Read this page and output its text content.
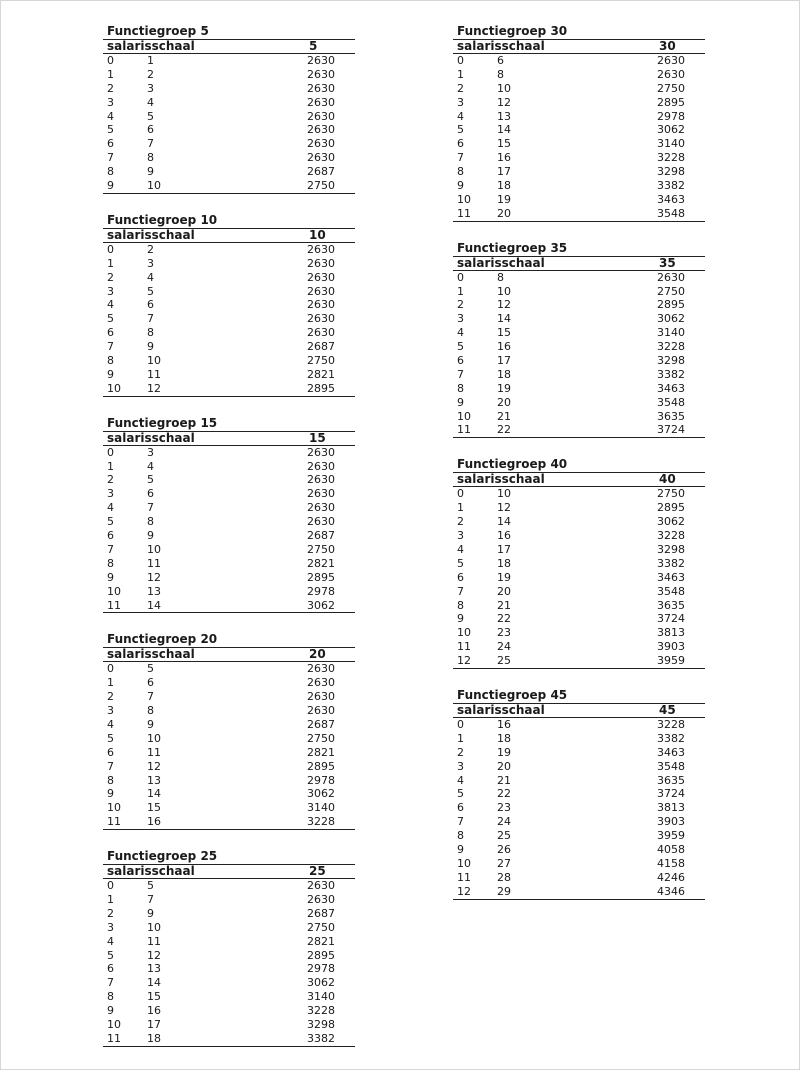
Functiegroep 5
salarisschaal	5
0	1	2630
1	2	2630
2	3	2630
3	4	2630
4	5	2630
5	6	2630
6	7	2630
7	8	2630
8	9	2687
9	10	2750
Functiegroep 10
salarisschaal	10
0	2	2630
1	3	2630
2	4	2630
3	5	2630
4	6	2630
5	7	2630
6	8	2630
7	9	2687
8	10	2750
9	11	2821
10	12	2895
Functiegroep 15
salarisschaal	15
0	3	2630
1	4	2630
2	5	2630
3	6	2630
4	7	2630
5	8	2630
6	9	2687
7	10	2750
8	11	2821
9	12	2895
10	13	2978
11	14	3062
Functiegroep 20
salarisschaal	20
0	5	2630
1	6	2630
2	7	2630
3	8	2630
4	9	2687
5	10	2750
6	11	2821
7	12	2895
8	13	2978
9	14	3062
10	15	3140
11	16	3228
Functiegroep 25
salarisschaal	25
0	5	2630
1	7	2630
2	9	2687
3	10	2750
4	11	2821
5	12	2895
6	13	2978
7	14	3062
8	15	3140
9	16	3228
10	17	3298
11	18	3382
Functiegroep 30
salarisschaal	30
0	6	2630
1	8	2630
2	10	2750
3	12	2895
4	13	2978
5	14	3062
6	15	3140
7	16	3228
8	17	3298
9	18	3382
10	19	3463
11	20	3548
Functiegroep 35
salarisschaal	35
0	8	2630
1	10	2750
2	12	2895
3	14	3062
4	15	3140
5	16	3228
6	17	3298
7	18	3382
8	19	3463
9	20	3548
10	21	3635
11	22	3724
Functiegroep 40
salarisschaal	40
0	10	2750
1	12	2895
2	14	3062
3	16	3228
4	17	3298
5	18	3382
6	19	3463
7	20	3548
8	21	3635
9	22	3724
10	23	3813
11	24	3903
12	25	3959
Functiegroep 45
salarisschaal	45
0	16	3228
1	18	3382
2	19	3463
3	20	3548
4	21	3635
5	22	3724
6	23	3813
7	24	3903
8	25	3959
9	26	4058
10	27	4158
11	28	4246
12	29	4346
